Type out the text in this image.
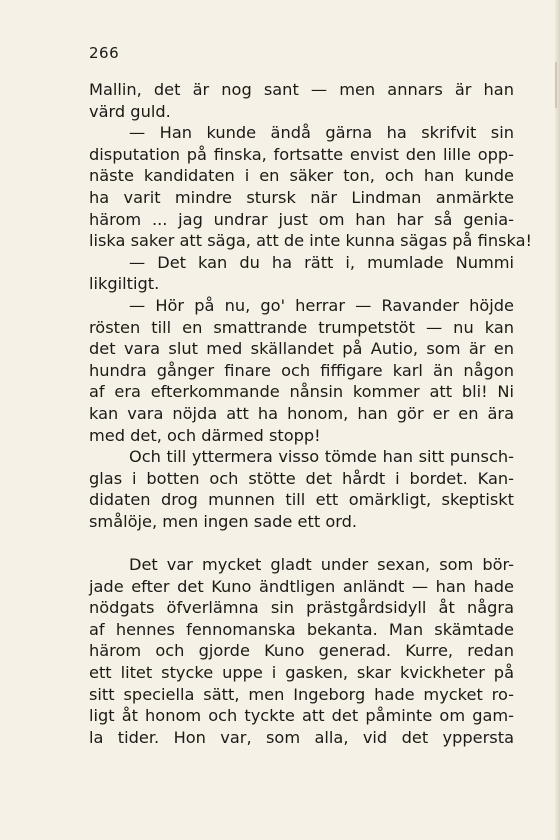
266
Mallin, det är nog sant — men annars är han
värd guld.
— Han kunde ändå gärna ha skrifvit sin
disputation på finska, fortsatte envist den lille opp-
näste kandidaten i en säker ton, och han kunde
ha varit mindre stursk när Lindman anmärkte
härom ... jag undrar just om han har så genia-
liska saker att säga, att de inte kunna sägas på finska!
— Det kan du ha rätt i, mumlade Nummi
likgiltigt.
— Hör på nu, go' herrar — Ravander höjde
rösten till en smattrande trumpetstöt — nu kan
det vara slut med skällandet på Autio, som är en
hundra gånger finare och fiffigare karl än någon
af era efterkommande nånsin kommer att bli! Ni
kan vara nöjda att ha honom, han gör er en ära
med det, och därmed stopp!
Och till yttermera visso tömde han sitt punsch-
glas i botten och stötte det hårdt i bordet. Kan-
didaten drog munnen till ett omärkligt, skeptiskt
smålöje, men ingen sade ett ord.
Det var mycket gladt under sexan, som bör-
jade efter det Kuno ändtligen anländt — han hade
nödgats öfverlämna sin prästgårdsidyll åt några
af hennes fennomanska bekanta. Man skämtade
härom och gjorde Kuno generad. Kurre, redan
ett litet stycke uppe i gasken, skar kvickheter på
sitt speciella sätt, men Ingeborg hade mycket ro-
ligt åt honom och tyckte att det påminte om gam-
la tider. Hon var, som alla, vid det yppersta
